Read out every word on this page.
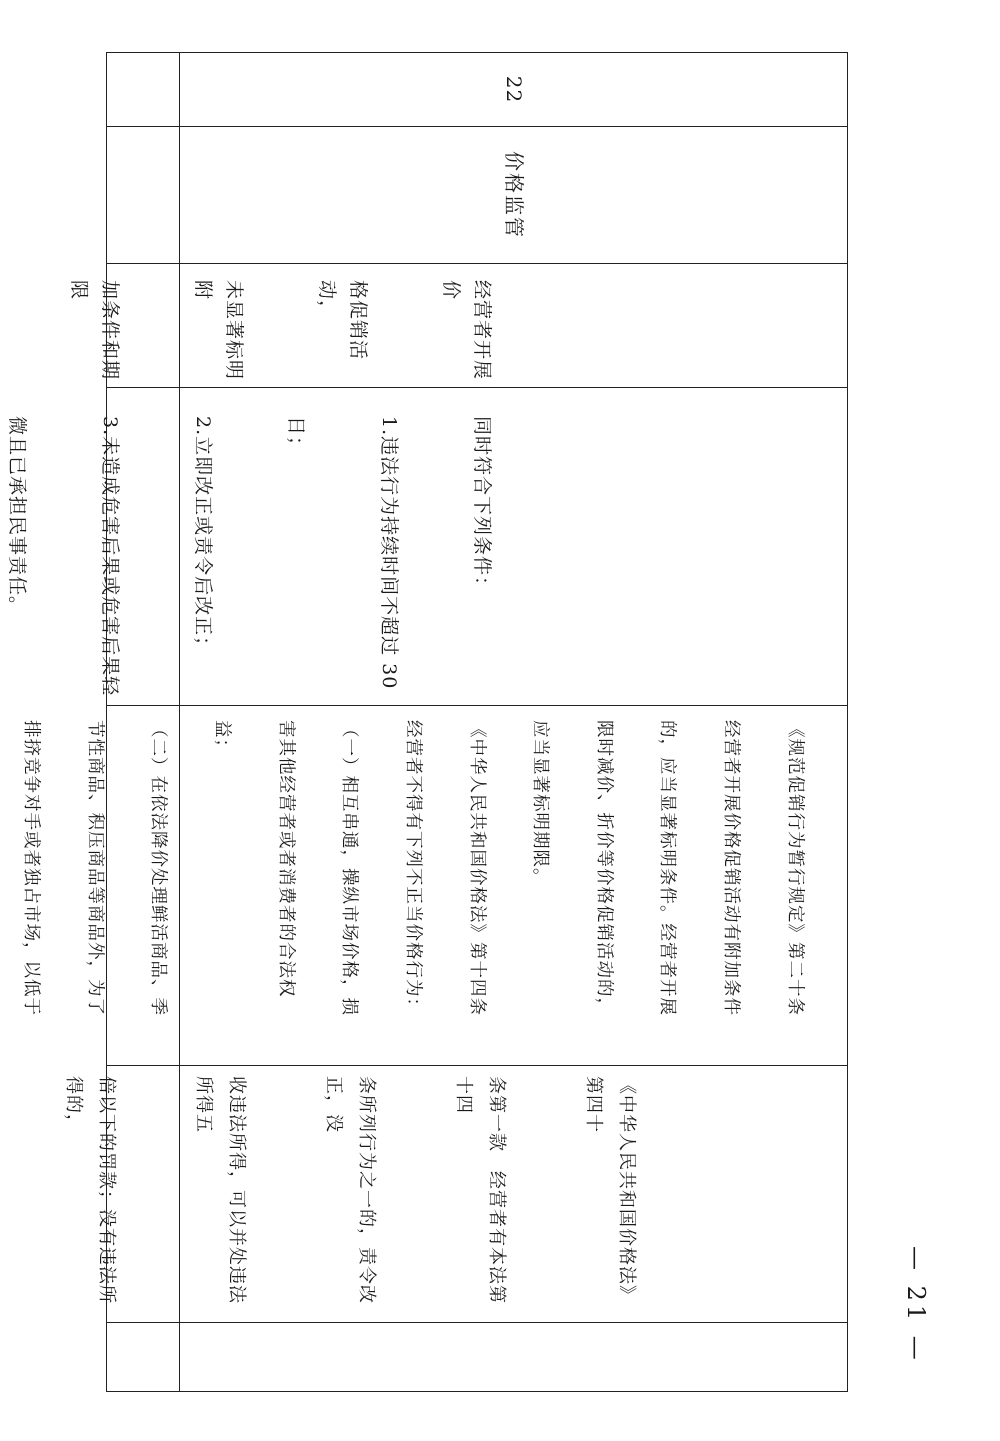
22
价格监管

经营者开展价

格促销活动，

未显著标明附

加条件和期限

同时符合下列条件：

1.违法行为持续时间不超过 30

日；

2.立即改正或责令后改正；

3.未造成危害后果或危害后果轻

微且已承担民事责任。

《规范促销行为暂行规定》第二十条

经营者开展价格促销活动有附加条件

的，应当显著标明条件。经营者开展

限时减价、折价等价格促销活动的，

应当显著标明期限。

《中华人民共和国价格法》第十四条

经营者不得有下列不正当价格行为：

（一）相互串通，操纵市场价格，损

害其他经营者或者消费者的合法权

益；

（二）在依法降价处理鲜活商品、季

节性商品、积压商品等商品外，为了

排挤竞争对手或者独占市场，以低于

《中华人民共和国价格法》第四十

条第一款　经营者有本法第十四

条所列行为之一的，责令改正，没

收违法所得，可以并处违法所得五

倍以下的罚款；没有违法所得的，

— 21 —
